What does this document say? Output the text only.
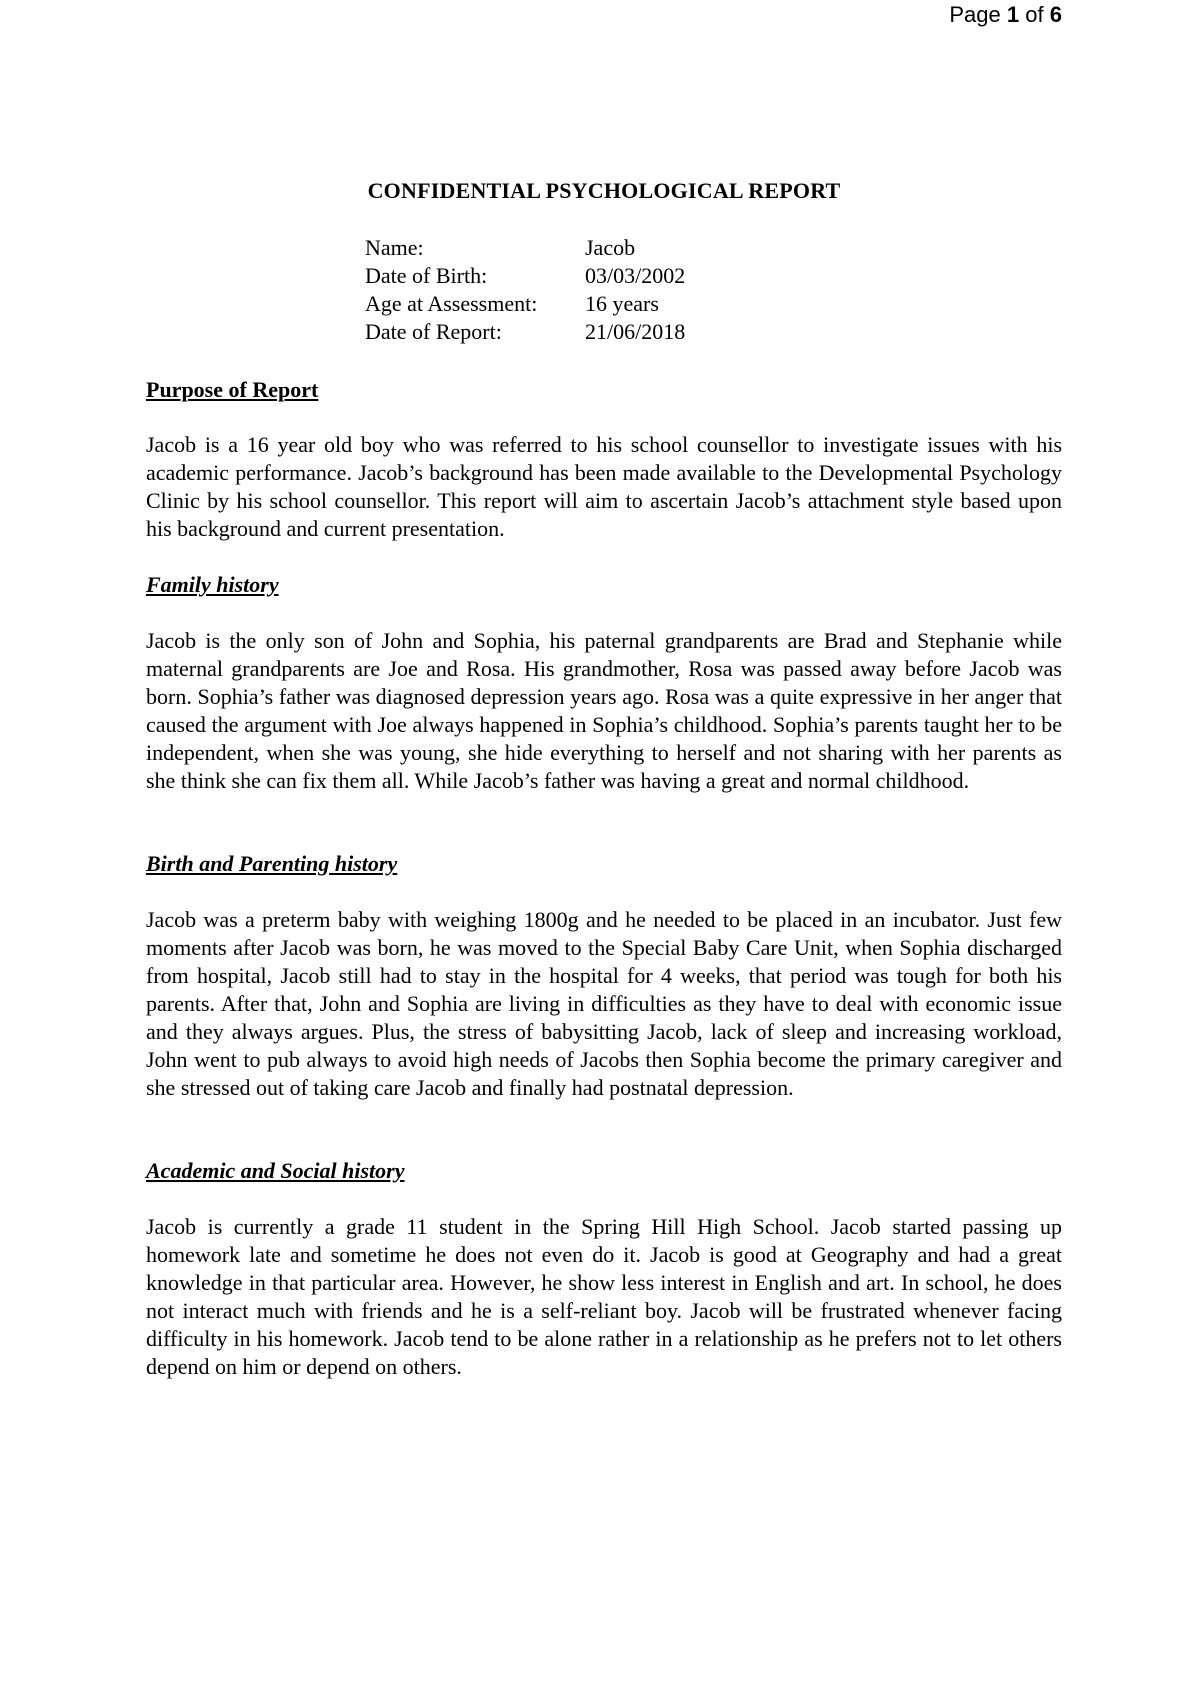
Page 1 of 6
CONFIDENTIAL PSYCHOLOGICAL REPORT
Name:	Jacob
Date of Birth:	03/03/2002
Age at Assessment:	16 years
Date of Report:	21/06/2018
Purpose of Report
Jacob is a 16 year old boy who was referred to his school counsellor to investigate issues with his academic performance. Jacob’s background has been made available to the Developmental Psychology Clinic by his school counsellor. This report will aim to ascertain Jacob’s attachment style based upon his background and current presentation.
Family history
Jacob is the only son of John and Sophia, his paternal grandparents are Brad and Stephanie while maternal grandparents are Joe and Rosa. His grandmother, Rosa was passed away before Jacob was born. Sophia’s father was diagnosed depression years ago. Rosa was a quite expressive in her anger that caused the argument with Joe always happened in Sophia’s childhood. Sophia’s parents taught her to be independent, when she was young, she hide everything to herself and not sharing with her parents as she think she can fix them all. While Jacob’s father was having a great and normal childhood.
Birth and Parenting history
Jacob was a preterm baby with weighing 1800g and he needed to be placed in an incubator. Just few moments after Jacob was born, he was moved to the Special Baby Care Unit, when Sophia discharged from hospital, Jacob still had to stay in the hospital for 4 weeks, that period was tough for both his parents. After that, John and Sophia are living in difficulties as they have to deal with economic issue and they always argues. Plus, the stress of babysitting Jacob, lack of sleep and increasing workload, John went to pub always to avoid high needs of Jacobs then Sophia become the primary caregiver and she stressed out of taking care Jacob and finally had postnatal depression.
Academic and Social history
Jacob is currently a grade 11 student in the Spring Hill High School. Jacob started passing up homework late and sometime he does not even do it. Jacob is good at Geography and had a great knowledge in that particular area. However, he show less interest in English and art. In school, he does not interact much with friends and he is a self-reliant boy. Jacob will be frustrated whenever facing difficulty in his homework. Jacob tend to be alone rather in a relationship as he prefers not to let others depend on him or depend on others.
